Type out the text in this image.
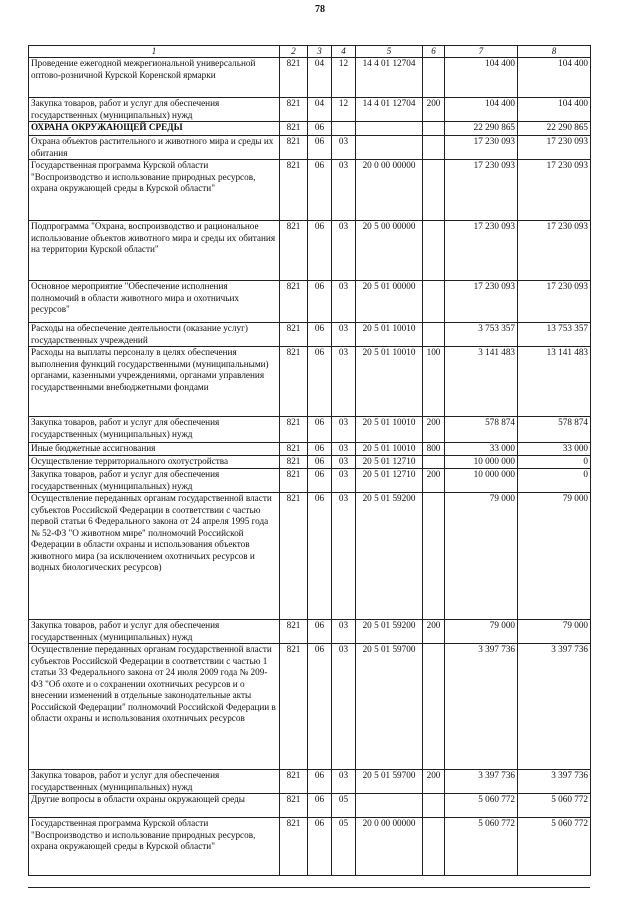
78
1	2	3	4	5	6	7	8
Проведение ежегодной межрегиональной универсальной оптово-розничной Курской Коренской ярмарки	821	04	12	14 4 01 12704		104 400	104 400
Закупка товаров, работ и услуг для обеспечения государственных (муниципальных) нужд	821	04	12	14 4 01 12704	200	104 400	104 400
ОХРАНА ОКРУЖАЮЩЕЙ СРЕДЫ	821	06				22 290 865	22 290 865
Охрана объектов растительного и животного мира и среды их обитания	821	06	03			17 230 093	17 230 093
Государственная программа Курской области "Воспроизводство и использование природных ресурсов, охрана окружающей среды в Курской области"	821	06	03	20 0 00 00000		17 230 093	17 230 093
Подпрограмма "Охрана, воспроизводство и рациональное использование объектов животного мира и среды их обитания на территории Курской области"	821	06	03	20 5 00 00000		17 230 093	17 230 093
Основное мероприятие "Обеспечение исполнения полномочий в области животного мира и охотничьих ресурсов"	821	06	03	20 5 01 00000		17 230 093	17 230 093
Расходы на обеспечение деятельности (оказание услуг) государственных учреждений	821	06	03	20 5 01 10010		3 753 357	13 753 357
Расходы на выплаты персоналу в целях обеспечения выполнения функций государственными (муниципальными) органами, казенными учреждениями, органами управления государственными внебюджетными фондами	821	06	03	20 5 01 10010	100	3 141 483	13 141 483
Закупка товаров, работ и услуг для обеспечения государственных (муниципальных) нужд	821	06	03	20 5 01 10010	200	578 874	578 874
Иные бюджетные ассигнования	821	06	03	20 5 01 10010	800	33 000	33 000
Осуществление территориального охотустройства	821	06	03	20 5 01 12710		10 000 000	0
Закупка товаров, работ и услуг для обеспечения государственных (муниципальных) нужд	821	06	03	20 5 01 12710	200	10 000 000	0
Осуществление переданных органам государственной власти субъектов Российской Федерации в соответствии с частью первой статьи 6 Федерального закона от 24 апреля 1995 года № 52-ФЗ "О животном мире" полномочий Российской Федерации в области охраны и использования объектов животного мира (за исключением охотничьих ресурсов и водных биологических ресурсов)	821	06	03	20 5 01 59200		79 000	79 000
Закупка товаров, работ и услуг для обеспечения государственных (муниципальных) нужд	821	06	03	20 5 01 59200	200	79 000	79 000
Осуществление переданных органам государственной власти субъектов Российской Федерации в соответствии с частью 1 статьи 33 Федерального закона от 24 июля 2009 года № 209-ФЗ "Об охоте и о сохранении охотничьих ресурсов и о внесении изменений в отдельные законодательные акты Российской Федерации" полномочий Российской Федерации в области охраны и использования охотничьих ресурсов	821	06	03	20 5 01 59700		3 397 736	3 397 736
Закупка товаров, работ и услуг для обеспечения государственных (муниципальных) нужд	821	06	03	20 5 01 59700	200	3 397 736	3 397 736
Другие вопросы в области охраны окружающей среды	821	06	05			5 060 772	5 060 772
Государственная программа Курской области "Воспроизводство и использование природных ресурсов, охрана окружающей среды в Курской области"	821	06	05	20 0 00 00000		5 060 772	5 060 772
